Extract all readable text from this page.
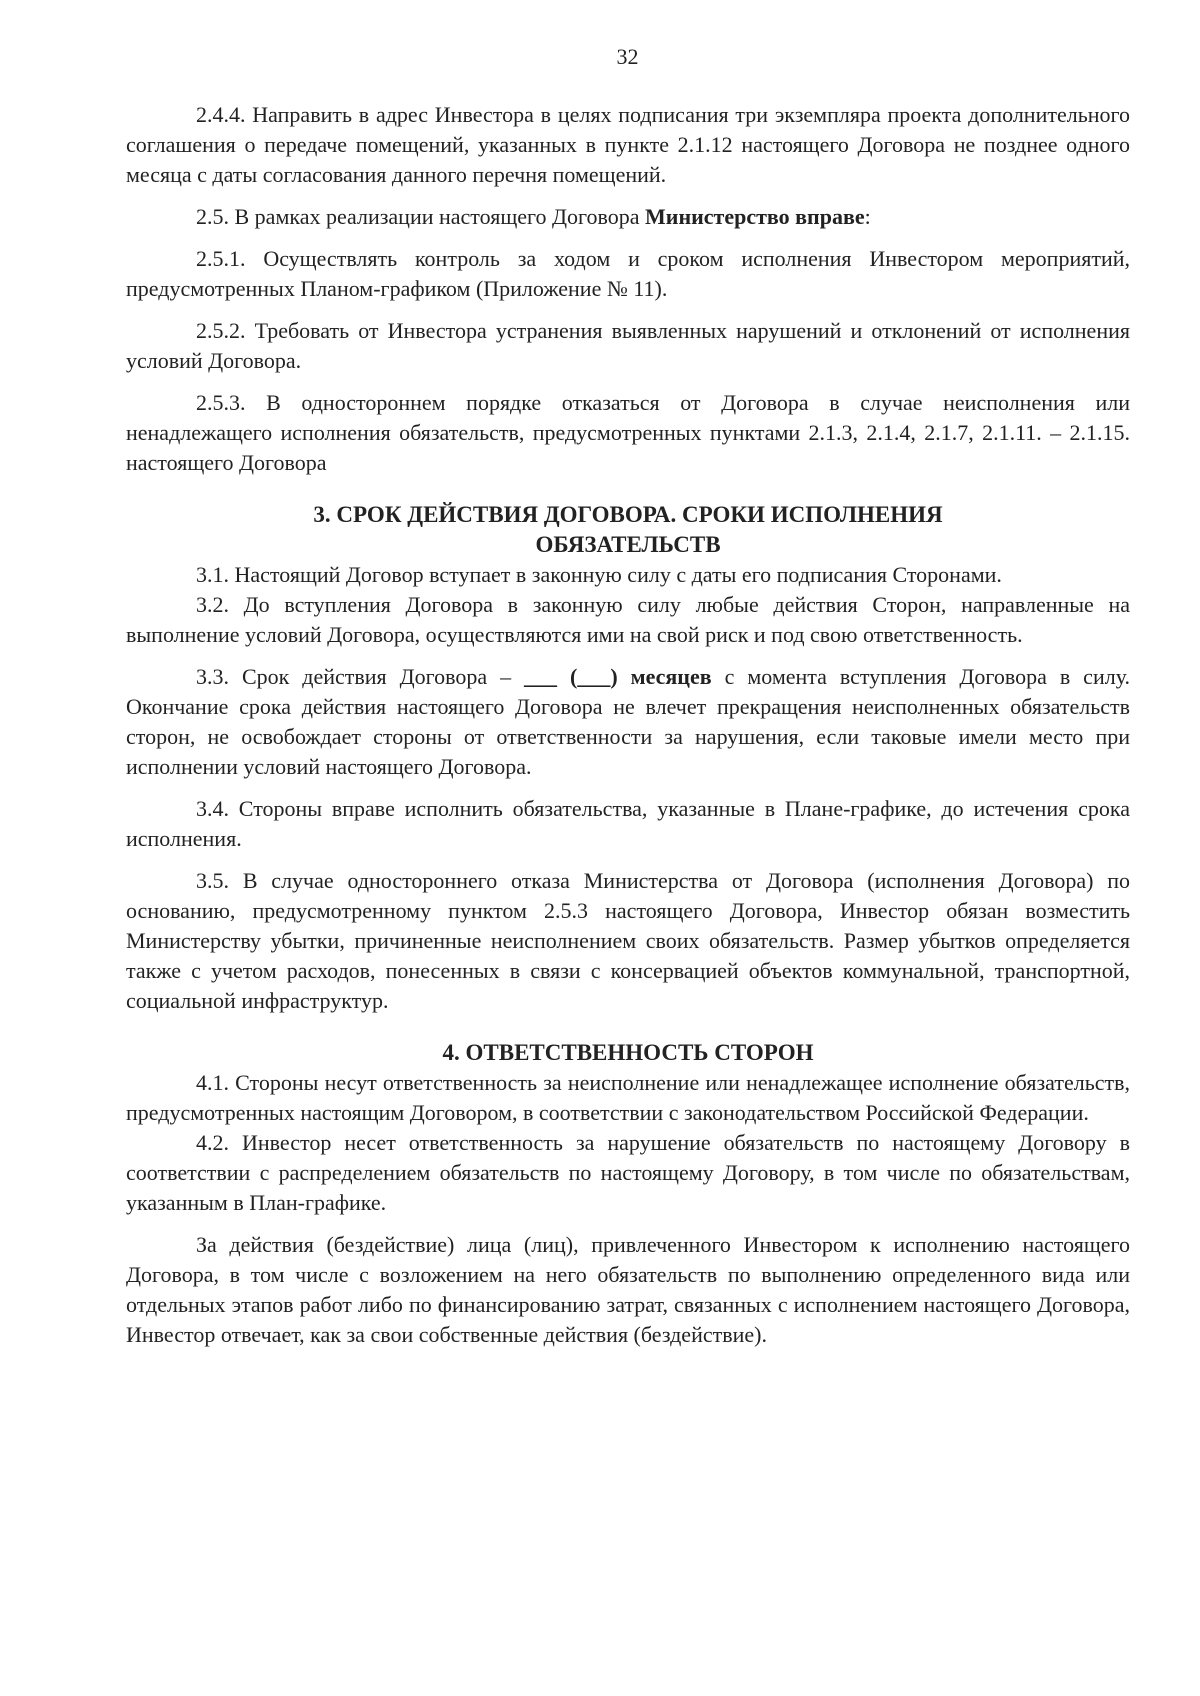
32

2.4.4. Направить в адрес Инвестора в целях подписания три экземпляра проекта дополнительного соглашения о передаче помещений, указанных в пункте 2.1.12 настоящего Договора не позднее одного месяца с даты согласования данного перечня помещений.

2.5. В рамках реализации настоящего Договора Министерство вправе:

2.5.1. Осуществлять контроль за ходом и сроком исполнения Инвестором мероприятий, предусмотренных Планом-графиком (Приложение № 11).

2.5.2. Требовать от Инвестора устранения выявленных нарушений и отклонений от исполнения условий Договора.

2.5.3. В одностороннем порядке отказаться от Договора в случае неисполнения или ненадлежащего исполнения обязательств, предусмотренных пунктами 2.1.3, 2.1.4, 2.1.7, 2.1.11. – 2.1.15. настоящего Договора

3. СРОК ДЕЙСТВИЯ ДОГОВОРА. СРОКИ ИСПОЛНЕНИЯ
ОБЯЗАТЕЛЬСТВ

3.1. Настоящий Договор вступает в законную силу с даты его подписания Сторонами.

3.2. До вступления Договора в законную силу любые действия Сторон, направленные на выполнение условий Договора, осуществляются ими на свой риск и под свою ответственность.

3.3. Срок действия Договора – ___ (___) месяцев с момента вступления Договора в силу. Окончание срока действия настоящего Договора не влечет прекращения неисполненных обязательств сторон, не освобождает стороны от ответственности за нарушения, если таковые имели место при исполнении условий настоящего Договора.

3.4. Стороны вправе исполнить обязательства, указанные в Плане-графике, до истечения срока исполнения.

3.5. В случае одностороннего отказа Министерства от Договора (исполнения Договора) по основанию, предусмотренному пунктом 2.5.3 настоящего Договора, Инвестор обязан возместить Министерству убытки, причиненные неисполнением своих обязательств. Размер убытков определяется также с учетом расходов, понесенных в связи с консервацией объектов коммунальной, транспортной, социальной инфраструктур.

4. ОТВЕТСТВЕННОСТЬ СТОРОН

4.1. Стороны несут ответственность за неисполнение или ненадлежащее исполнение обязательств, предусмотренных настоящим Договором, в соответствии с законодательством Российской Федерации.

4.2. Инвестор несет ответственность за нарушение обязательств по настоящему Договору в соответствии с распределением обязательств по настоящему Договору, в том числе по обязательствам, указанным в План-графике.

За действия (бездействие) лица (лиц), привлеченного Инвестором к исполнению настоящего Договора, в том числе с возложением на него обязательств по выполнению определенного вида или отдельных этапов работ либо по финансированию затрат, связанных с исполнением настоящего Договора, Инвестор отвечает, как за свои собственные действия (бездействие).
